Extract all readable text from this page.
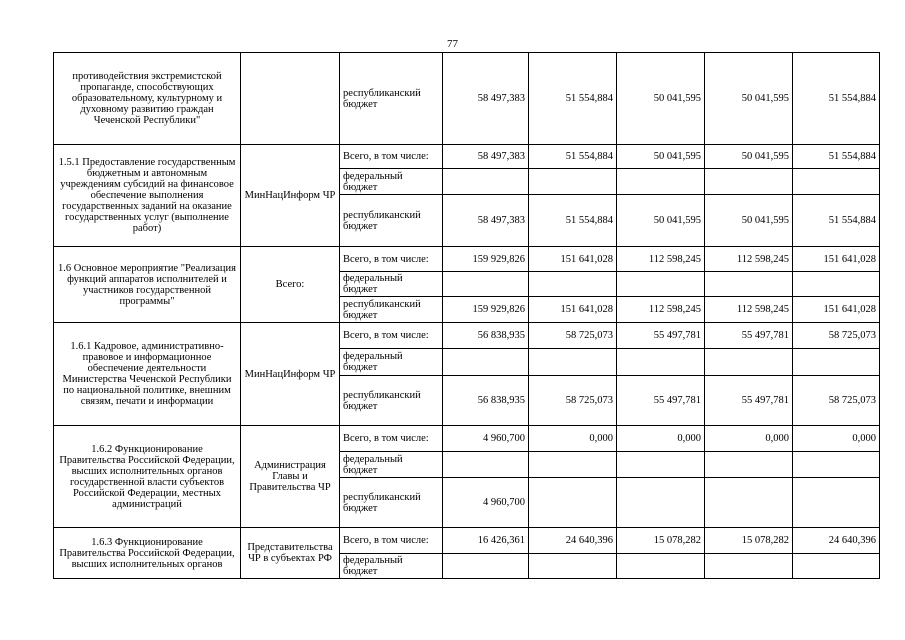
77
противодействия экстремистской пропаганде, способствующих образовательному, культурному и духовному развитию граждан Чеченской Республики"		республиканский бюджет	58 497,383	51 554,884	50 041,595	50 041,595	51 554,884
1.5.1 Предоставление государственным бюджетным и автономным учреждениям субсидий на финансовое обеспечение выполнения государственных заданий на оказание государственных услуг (выполнение работ)	МинНацИнформ ЧР	Всего, в том числе:	58 497,383	51 554,884	50 041,595	50 041,595	51 554,884
		федеральный бюджет					
		республиканский бюджет	58 497,383	51 554,884	50 041,595	50 041,595	51 554,884
1.6 Основное мероприятие "Реализация функций аппаратов исполнителей и участников государственной программы"	Всего:	Всего, в том числе:	159 929,826	151 641,028	112 598,245	112 598,245	151 641,028
		федеральный бюджет					
		республиканский бюджет	159 929,826	151 641,028	112 598,245	112 598,245	151 641,028
1.6.1 Кадровое, административно-правовое и информационное обеспечение деятельности Министерства Чеченской Республики по национальной политике, внешним связям, печати и информации	МинНацИнформ ЧР	Всего, в том числе:	56 838,935	58 725,073	55 497,781	55 497,781	58 725,073
		федеральный бюджет					
		республиканский бюджет	56 838,935	58 725,073	55 497,781	55 497,781	58 725,073
1.6.2 Функционирование Правительства Российской Федерации, высших исполнительных органов государственной власти субъектов Российской Федерации, местных администраций	Администрация Главы и Правительства ЧР	Всего, в том числе:	4 960,700	0,000	0,000	0,000	0,000
		федеральный бюджет					
		республиканский бюджет	4 960,700				
1.6.3 Функционирование Правительства Российской Федерации, высших исполнительных органов	Представительства ЧР в субъектах РФ	Всего, в том числе:	16 426,361	24 640,396	15 078,282	15 078,282	24 640,396
		федеральный бюджет					
